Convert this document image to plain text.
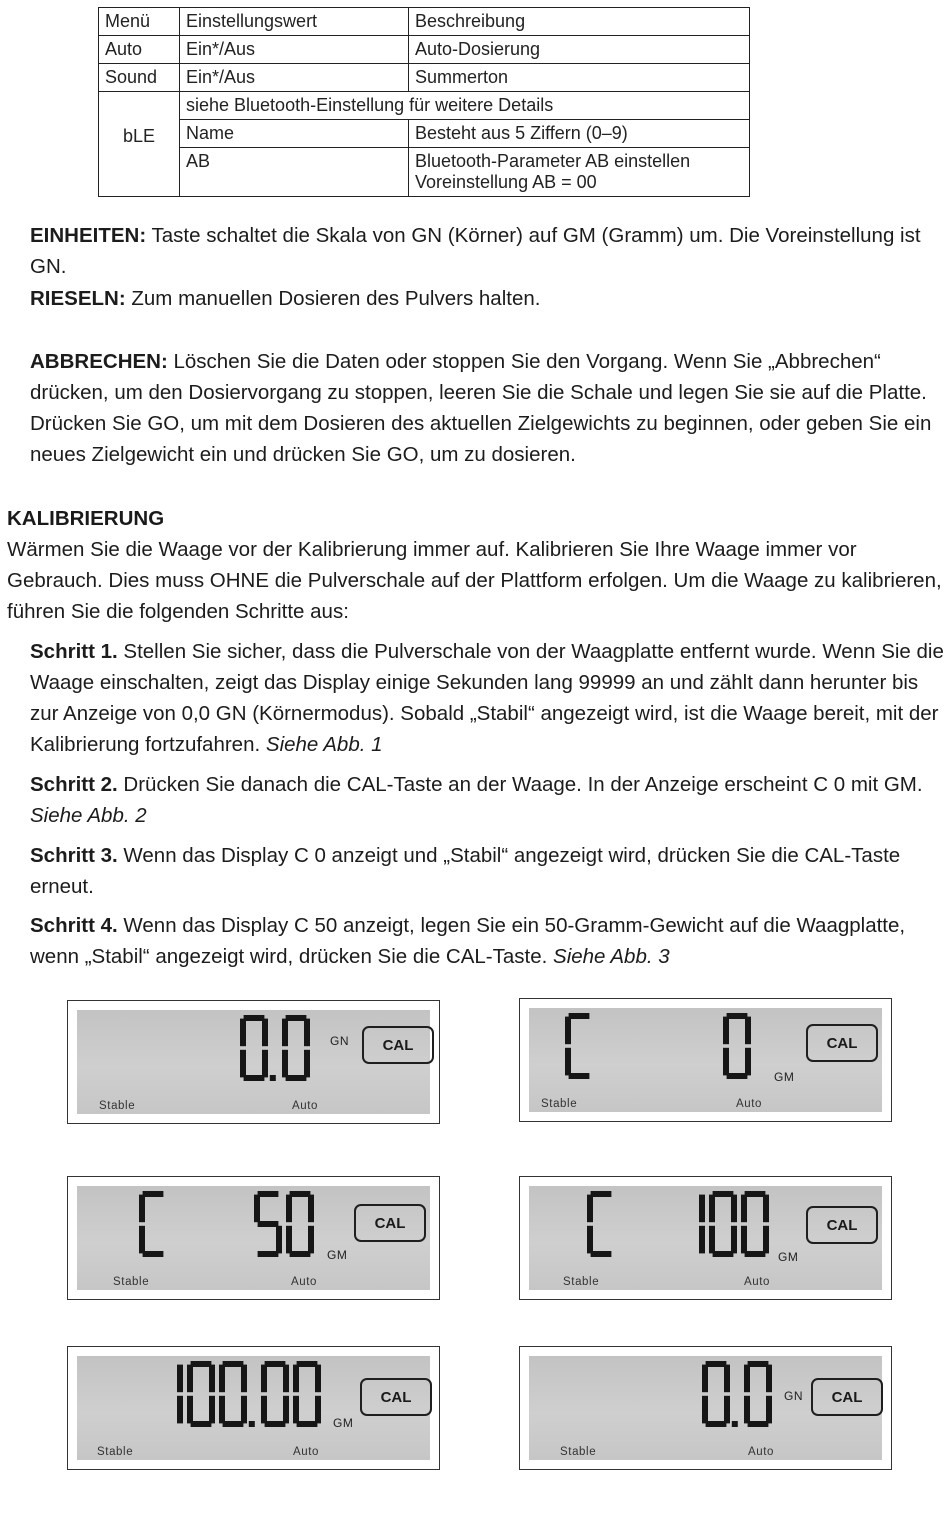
Menü	Einstellungswert	Beschreibung
Auto	Ein*/Aus	Auto-Dosierung
Sound	Ein*/Aus	Summerton
bLE	siehe Bluetooth-Einstellung für weitere Details	
	Name	Besteht aus 5 Ziffern (0–9)
	AB	Bluetooth-Parameter AB einstellen
Voreinstellung AB = 00

EINHEITEN: Taste schaltet die Skala von GN (Körner) auf GM (Gramm) um. Die Voreinstellung ist GN.

RIESELN: Zum manuellen Dosieren des Pulvers halten.

ABBRECHEN: Löschen Sie die Daten oder stoppen Sie den Vorgang. Wenn Sie „Abbrechen“ drücken, um den Dosiervorgang zu stoppen, leeren Sie die Schale und legen Sie sie auf die Platte. Drücken Sie GO, um mit dem Dosieren des aktuellen Zielgewichts zu beginnen, oder geben Sie ein neues Zielgewicht ein und drücken Sie GO, um zu dosieren.

KALIBRIERUNG

Wärmen Sie die Waage vor der Kalibrierung immer auf. Kalibrieren Sie Ihre Waage immer vor Gebrauch. Dies muss OHNE die Pulverschale auf der Plattform erfolgen. Um die Waage zu kalibrieren, führen Sie die folgenden Schritte aus:

Schritt 1. Stellen Sie sicher, dass die Pulverschale von der Waagplatte entfernt wurde. Wenn Sie die Waage einschalten, zeigt das Display einige Sekunden lang 99999 an und zählt dann herunter bis zur Anzeige von 0,0 GN (Körnermodus). Sobald „Stabil“ angezeigt wird, ist die Waage bereit, mit der Kalibrierung fortzufahren. Siehe Abb. 1

Schritt 2. Drücken Sie danach die CAL-Taste an der Waage. In der Anzeige erscheint C 0 mit GM. Siehe Abb. 2

Schritt 3. Wenn das Display C 0 anzeigt und „Stabil“ angezeigt wird, drücken Sie die CAL-Taste erneut.

Schritt 4. Wenn das Display C 50 anzeigt, legen Sie ein 50-Gramm-Gewicht auf die Waagplatte, wenn „Stabil“ angezeigt wird, drücken Sie die CAL-Taste. Siehe Abb. 3

GN	CAL
Stable	Auto
GM
CAL
Stable	Auto
GM
CAL
Stable	Auto
GM
CAL
Stable	Auto
GM
CAL
Stable	Auto
GN	CAL
Stable	Auto
